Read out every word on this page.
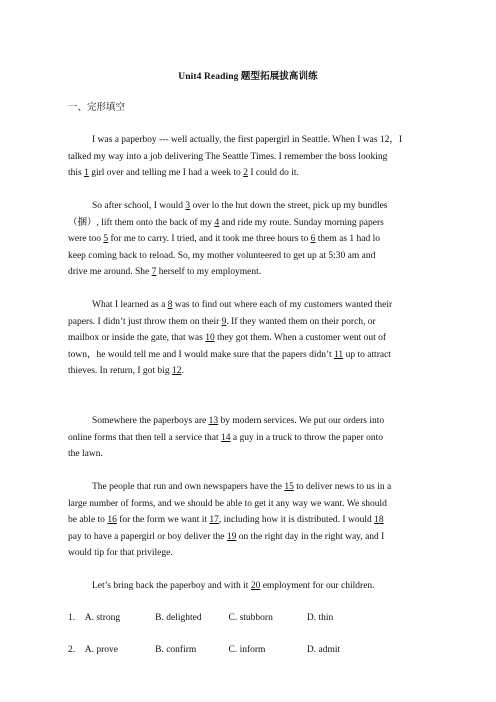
Unit4 Reading 题型拓展拔高训练
一、完形填空

I was a paperboy --- well actually, the first papergirl in Seattle. When I was 12，I

talked my way into a job delivering The Seattle Times. I remember the boss looking

this 1 girl over and telling me I had a week to 2 I could do it.

So after school, I would 3 over lo the hut down the street, pick up my bundles

（捆）, lift them onto the back of my 4 and ride my route. Sunday morning papers

were too 5 for me to carry. I tried, and it took me three hours to 6 them as 1 had lo

keep coming back to reload. So, my mother volunteered to get up at 5:30 am and

drive me around. She 7 herself to my employment.

What I learned as a 8 was to find out where each of my customers wanted their

papers. I didn’t just throw them on their 9. If they wanted them on their porch, or

mailbox or inside the gate, that was 10 they got them. When a customer went out of

town，he would tell me and I would make sure that the papers didn’t 11 up to attract

thieves. In return, I got big 12.

Somewhere the paperboys are 13 by modern services. We put our orders into

online forms that then tell a service that 14 a guy in a truck to throw the paper onto

the lawn.

The people that run and own newspapers have the 15 to deliver news to us in a

large number of forms, and we should be able to get it any way we want. We should

be able to 16 for the form we want it 17, including how it is distributed. I would 18

pay to have a papergirl or boy deliver the 19 on the right day in the right way, and I

would tip for that privilege.

Let’s bring back the paperboy and with it 20 employment for our children.

1. A. strong	B. delighted	C. stubborn	D. thin
2. A. prove	B. confirm	C. inform	D. admit
